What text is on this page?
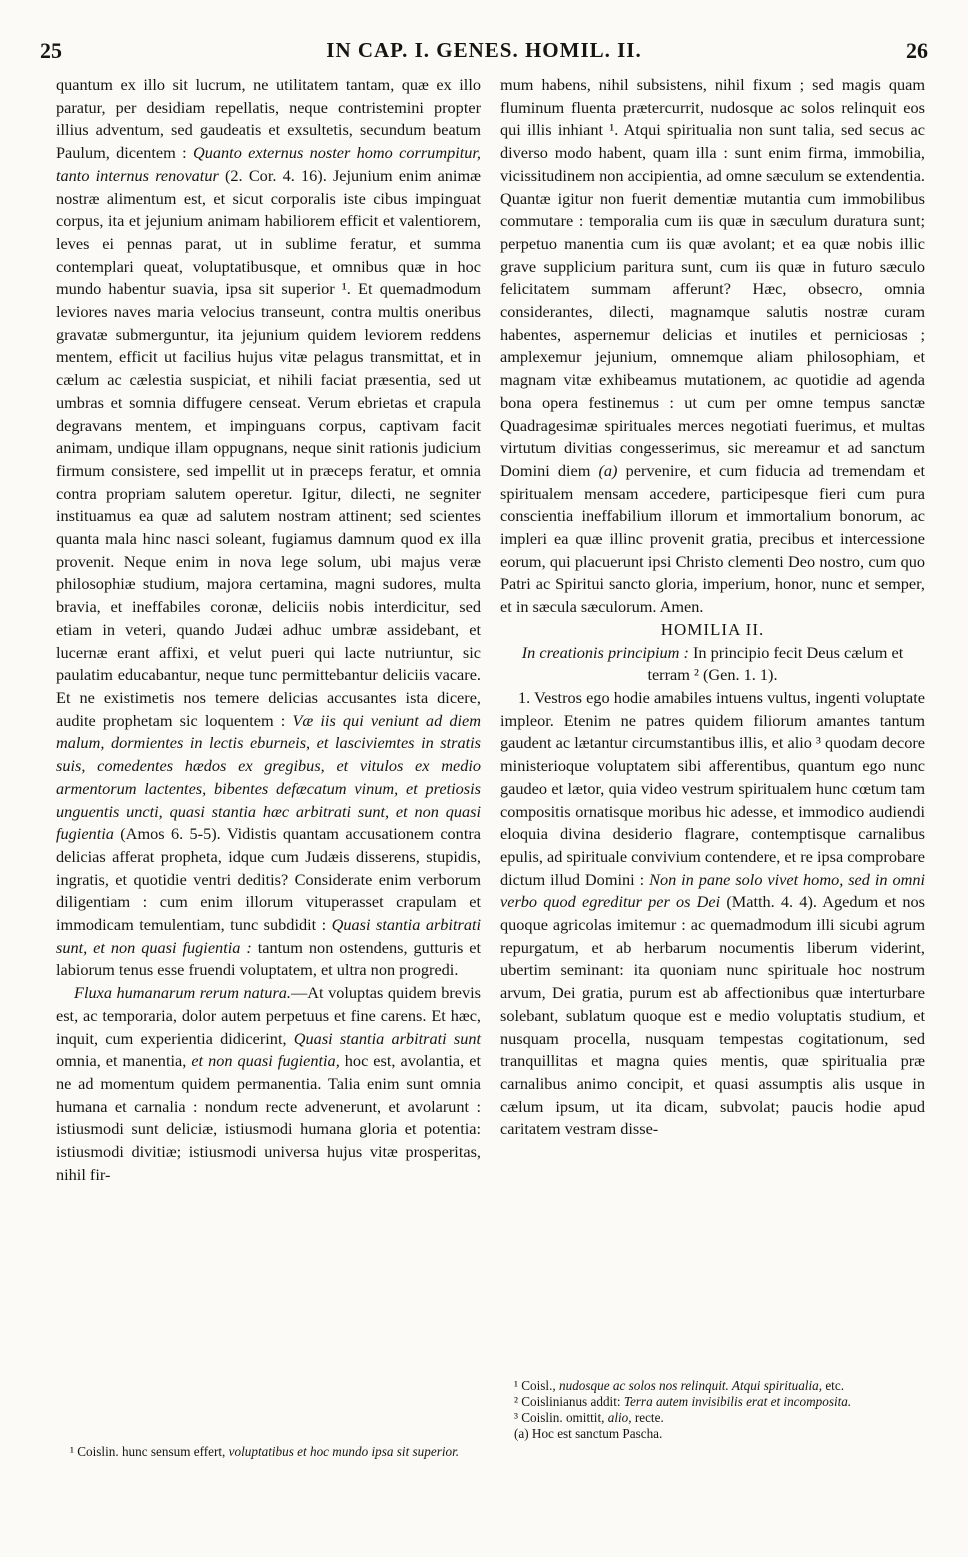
25	IN CAP. I. GENES. HOMIL. II.	26

quantum ex illo sit lucrum, ne utilitatem tantam, quæ ex illo paratur, per desidiam repellatis, neque contristemini propter illius adventum, sed gaudeatis et exsultetis, secundum beatum Paulum, dicentem : Quanto externus noster homo corrumpitur, tanto internus renovatur (2. Cor. 4. 16). Jejunium enim animæ nostræ alimentum est, et sicut corporalis iste cibus impinguat corpus, ita et jejunium animam habiliorem efficit et valentiorem, leves ei pennas parat, ut in sublime feratur, et summa contemplari queat, voluptatibusque, et omnibus quæ in hoc mundo habentur suavia, ipsa sit superior ¹. Et quemadmodum leviores naves maria velocius transeunt, contra multis oneribus gravatæ submerguntur, ita jejunium quidem leviorem reddens mentem, efficit ut facilius hujus vitæ pelagus transmittat, et in cælum ac cælestia suspiciat, et nihili faciat præsentia, sed ut umbras et somnia diffugere censeat. Verum ebrietas et crapula degravans mentem, et impinguans corpus, captivam facit animam, undique illam oppugnans, neque sinit rationis judicium firmum consistere, sed impellit ut in præceps feratur, et omnia contra propriam salutem operetur. Igitur, dilecti, ne segniter instituamus ea quæ ad salutem nostram attinent; sed scientes quanta mala hinc nasci soleant, fugiamus damnum quod ex illa provenit. Neque enim in nova lege solum, ubi majus veræ philosophiæ studium, majora certamina, magni sudores, multa bravia, et ineffabiles coronæ, deliciis nobis interdicitur, sed etiam in veteri, quando Judæi adhuc umbræ assidebant, et lucernæ erant affixi, et velut pueri qui lacte nutriuntur, sic paulatim educabantur, neque tunc permittebantur deliciis vacare. Et ne existimetis nos temere delicias accusantes ista dicere, audite prophetam sic loquentem : Væ iis qui veniunt ad diem malum, dormientes in lectis eburneis, et lasciviemtes in stratis suis, comedentes hædos ex gregibus, et vitulos ex medio armentorum lactentes, bibentes defæcatum vinum, et pretiosis unguentis uncti, quasi stantia hæc arbitrati sunt, et non quasi fugientia (Amos 6. 5-5). Vidistis quantam accusationem contra delicias afferat propheta, idque cum Judæis disserens, stupidis, ingratis, et quotidie ventri deditis? Considerate enim verborum diligentiam : cum enim illorum vituperasset crapulam et immodicam temulentiam, tunc subdidit : Quasi stantia arbitrati sunt, et non quasi fugientia : tantum non ostendens, gutturis et labiorum tenus esse fruendi voluptatem, et ultra non progredi.

Fluxa humanarum rerum natura.—At voluptas quidem brevis est, ac temporaria, dolor autem perpetuus et fine carens. Et hæc, inquit, cum experientia didicerint, Quasi stantia arbitrati sunt omnia, et manentia, et non quasi fugientia, hoc est, avolantia, et ne ad momentum quidem permanentia. Talia enim sunt omnia humana et carnalia : nondum recte advenerunt, et avolarunt : istiusmodi sunt deliciæ, istiusmodi humana gloria et potentia: istiusmodi divitiæ; istiusmodi universa hujus vitæ prosperitas, nihil fir-

mum habens, nihil subsistens, nihil fixum ; sed magis quam fluminum fluenta prætercurrit, nudosque ac solos relinquit eos qui illis inhiant ¹. Atqui spiritualia non sunt talia, sed secus ac diverso modo habent, quam illa : sunt enim firma, immobilia, vicissitudinem non accipientia, ad omne sæculum se extendentia. Quantæ igitur non fuerit dementiæ mutantia cum immobilibus commutare : temporalia cum iis quæ in sæculum duratura sunt; perpetuo manentia cum iis quæ avolant; et ea quæ nobis illic grave supplicium paritura sunt, cum iis quæ in futuro sæculo felicitatem summam afferunt? Hæc, obsecro, omnia considerantes, dilecti, magnamque salutis nostræ curam habentes, aspernemur delicias et inutiles et perniciosas ; amplexemur jejunium, omnemque aliam philosophiam, et magnam vitæ exhibeamus mutationem, ac quotidie ad agenda bona opera festinemus : ut cum per omne tempus sanctæ Quadragesimæ spirituales merces negotiati fuerimus, et multas virtutum divitias congesserimus, sic mereamur et ad sanctum Domini diem (a) pervenire, et cum fiducia ad tremendam et spiritualem mensam accedere, participesque fieri cum pura conscientia ineffabilium illorum et immortalium bonorum, ac impleri ea quæ illinc provenit gratia, precibus et intercessione eorum, qui placuerunt ipsi Christo clementi Deo nostro, cum quo Patri ac Spiritui sancto gloria, imperium, honor, nunc et semper, et in sæcula sæculorum. Amen.

HOMILIA II.

In creationis principium : In principio fecit Deus cælum et terram ² (Gen. 1. 1).

1. Vestros ego hodie amabiles intuens vultus, ingenti voluptate impleor. Etenim ne patres quidem filiorum amantes tantum gaudent ac lætantur circumstantibus illis, et alio ³ quodam decore ministerioque voluptatem sibi afferentibus, quantum ego nunc gaudeo et lætor, quia video vestrum spiritualem hunc cœtum tam compositis ornatisque moribus hic adesse, et immodico audiendi eloquia divina desiderio flagrare, contemptisque carnalibus epulis, ad spirituale convivium contendere, et re ipsa comprobare dictum illud Domini : Non in pane solo vivet homo, sed in omni verbo quod egreditur per os Dei (Matth. 4. 4). Agedum et nos quoque agricolas imitemur : ac quemadmodum illi sicubi agrum repurgatum, et ab herbarum nocumentis liberum viderint, ubertim seminant: ita quoniam nunc spirituale hoc nostrum arvum, Dei gratia, purum est ab affectionibus quæ interturbare solebant, sublatum quoque est e medio voluptatis studium, et nusquam procella, nusquam tempestas cogitationum, sed tranquillitas et magna quies mentis, quæ spiritualia præ carnalibus animo concipit, et quasi assumptis alis usque in cælum ipsum, ut ita dicam, subvolat; paucis hodie apud caritatem vestram disse-

¹ Coislin. hunc sensum effert, voluptatibus et hoc mundo ipsa sit superior.

¹ Coisl., nudosque ac solos nos relinquit. Atqui spiritualia, etc.

² Coislinianus addit: Terra autem invisibilis erat et incomposita.

³ Coislin. omittit, alio, recte.

(a) Hoc est sanctum Pascha.
